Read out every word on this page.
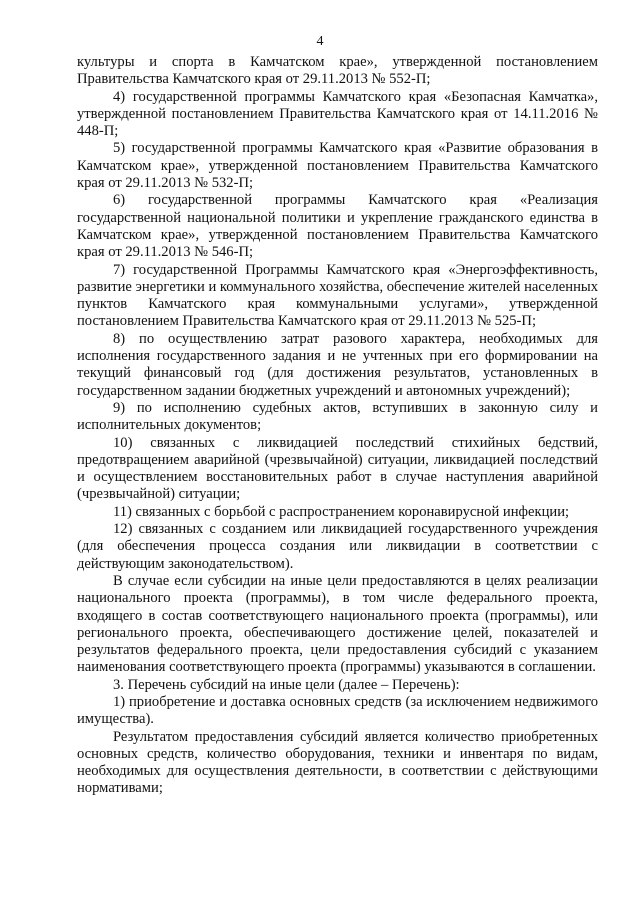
4

культуры и спорта в Камчатском крае», утвержденной постановлением Правительства Камчатского края от 29.11.2013 № 552-П;

4) государственной программы Камчатского края «Безопасная Камчатка», утвержденной постановлением Правительства Камчатского края от 14.11.2016 № 448-П;

5) государственной программы Камчатского края «Развитие образования в Камчатском крае», утвержденной постановлением Правительства Камчатского края от 29.11.2013 № 532-П;

6) государственной программы Камчатского края «Реализация государственной национальной политики и укрепление гражданского единства в Камчатском крае», утвержденной постановлением Правительства Камчатского края от 29.11.2013 № 546-П;

7) государственной Программы Камчатского края «Энергоэффективность, развитие энергетики и коммунального хозяйства, обеспечение жителей населенных пунктов Камчатского края коммунальными услугами», утвержденной постановлением Правительства Камчатского края от 29.11.2013 № 525-П;

8) по осуществлению затрат разового характера, необходимых для исполнения государственного задания и не учтенных при его формировании на текущий финансовый год (для достижения результатов, установленных в государственном задании бюджетных учреждений и автономных учреждений);

9) по исполнению судебных актов, вступивших в законную силу и исполнительных документов;

10) связанных с ликвидацией последствий стихийных бедствий, предотвращением аварийной (чрезвычайной) ситуации, ликвидацией последствий и осуществлением восстановительных работ в случае наступления аварийной (чрезвычайной) ситуации;

11) связанных с борьбой с распространением коронавирусной инфекции;

12) связанных с созданием или ликвидацией государственного учреждения (для обеспечения процесса создания или ликвидации в соответствии с действующим законодательством).

В случае если субсидии на иные цели предоставляются в целях реализации национального проекта (программы), в том числе федерального проекта, входящего в состав соответствующего национального проекта (программы), или регионального проекта, обеспечивающего достижение целей, показателей и результатов федерального проекта, цели предоставления субсидий с указанием наименования соответствующего проекта (программы) указываются в соглашении.

3. Перечень субсидий на иные цели (далее – Перечень):

1) приобретение и доставка основных средств (за исключением недвижимого имущества).

Результатом предоставления субсидий является количество приобретенных основных средств, количество оборудования, техники и инвентаря по видам, необходимых для осуществления деятельности, в соответствии с действующими нормативами;
